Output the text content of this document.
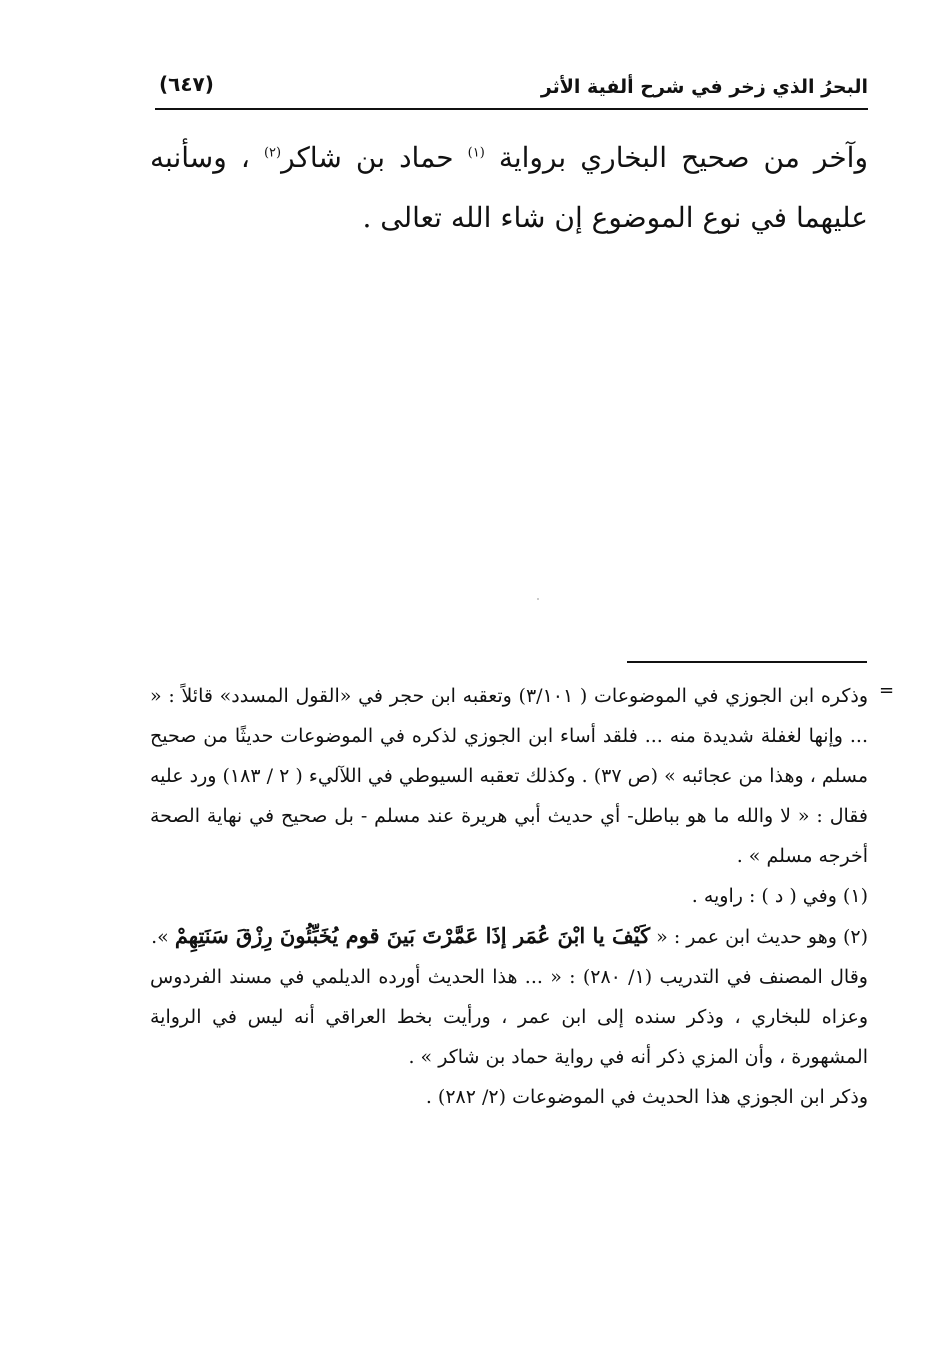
البحرُ الذي زخر في شرح ألفية الأثر
(٦٤٧)

وآخر من صحيح البخاري برواية $^{(١)}$ حماد بن شاكر$^{(٢)}$ ، وسأنبه عليهما في نوع الموضوع إن شاء الله تعالى .

=

وذكره ابن الجوزي في الموضوعات ( ٣/١٠١) وتعقبه ابن حجر في «القول المسدد» قائلاً : « ... وإنها لغفلة شديدة منه ... فلقد أساء ابن الجوزي لذكره في الموضوعات حديثًا من صحيح مسلم ، وهذا من عجائبه » (ص ٣٧) . وكذلك تعقبه السيوطي في اللآليء ( ٢ / ١٨٣) ورد عليه فقال : « لا والله ما هو بباطل- أي حديث أبي هريرة عند مسلم - بل صحيح في نهاية الصحة أخرجه مسلم » .

(١) وفي ( د ) : راويه .

(٢) وهو حديث ابن عمر : « كَيْفَ يا ابْنَ عُمَر إذَا عَمَّرْتَ بَينَ قوم يُخَبِّئُونَ رِزْقَ سَنَتِهِمْ ».

وقال المصنف في التدريب (١/ ٢٨٠) : « ... هذا الحديث أورده الديلمي في مسند الفردوس وعزاه للبخاري ، وذكر سنده إلى ابن عمر ، ورأيت بخط العراقي أنه ليس في الرواية المشهورة ، وأن المزي ذكر أنه في رواية حماد بن شاكر » .

وذكر ابن الجوزي هذا الحديث في الموضوعات (٢/ ٢٨٢) .
